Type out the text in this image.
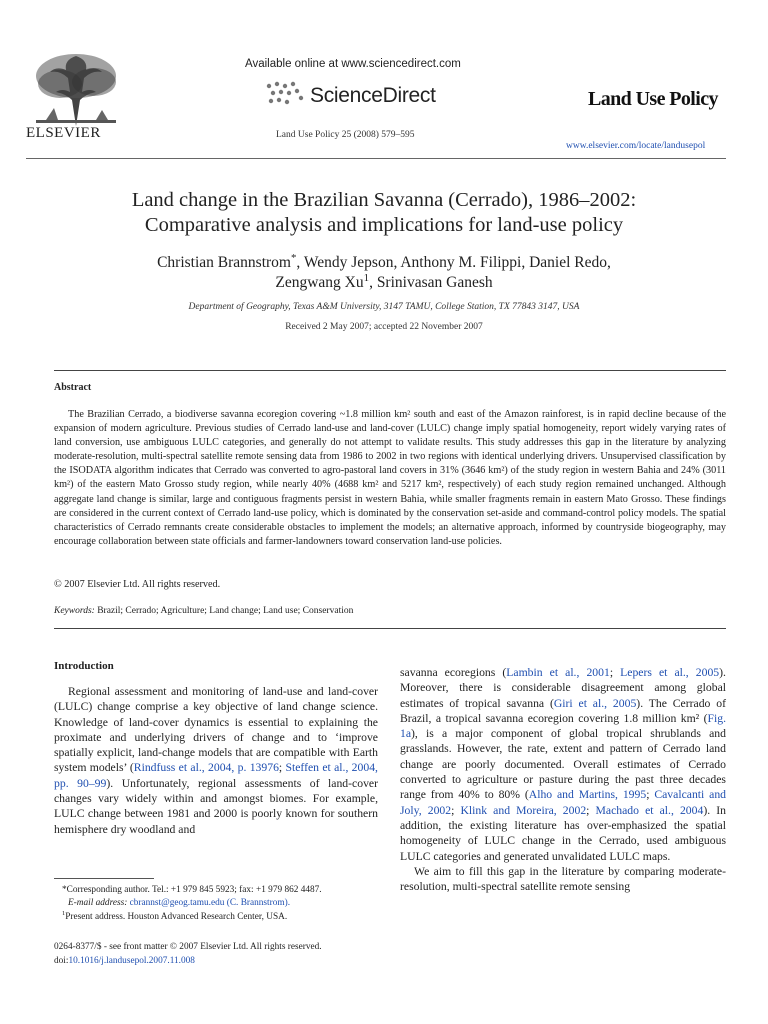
ELSEVIER
Available online at www.sciencedirect.com
ScienceDirect
Land Use Policy 25 (2008) 579–595
Land Use Policy
www.elsevier.com/locate/landusepol
Land change in the Brazilian Savanna (Cerrado), 1986–2002:
Comparative analysis and implications for land-use policy
Christian Brannstrom*, Wendy Jepson, Anthony M. Filippi, Daniel Redo,
Zengwang Xu$^1$, Srinivasan Ganesh
Department of Geography, Texas A&M University, 3147 TAMU, College Station, TX 77843 3147, USA
Received 2 May 2007; accepted 22 November 2007
Abstract

The Brazilian Cerrado, a biodiverse savanna ecoregion covering ~1.8 million km² south and east of the Amazon rainforest, is in rapid decline because of the expansion of modern agriculture. Previous studies of Cerrado land-use and land-cover (LULC) change imply spatial homogeneity, report widely varying rates of land conversion, use ambiguous LULC categories, and generally do not attempt to validate results. This study addresses this gap in the literature by analyzing moderate-resolution, multi-spectral satellite remote sensing data from 1986 to 2002 in two regions with identical underlying drivers. Unsupervised classification by the ISODATA algorithm indicates that Cerrado was converted to agro-pastoral land covers in 31% (3646 km²) of the study region in western Bahia and 24% (3011 km²) of the eastern Mato Grosso study region, while nearly 40% (4688 km² and 5217 km², respectively) of each study region remained unchanged. Although aggregate land change is similar, large and contiguous fragments persist in western Bahia, while smaller fragments remain in eastern Mato Grosso. These findings are considered in the current context of Cerrado land-use policy, which is dominated by the conservation set-aside and command-control policy models. The spatial characteristics of Cerrado remnants create considerable obstacles to implement the models; an alternative approach, informed by countryside biogeography, may encourage collaboration between state officials and farmer-landowners toward conservation land-use policies.

© 2007 Elsevier Ltd. All rights reserved.
Keywords: Brazil; Cerrado; Agriculture; Land change; Land use; Conservation
Introduction

Regional assessment and monitoring of land-use and land-cover (LULC) change comprise a key objective of land change science. Knowledge of land-cover dynamics is essential to explaining the proximate and underlying drivers of change and to ‘improve spatially explicit, land-change models that are compatible with Earth system models’ (Rindfuss et al., 2004, p. 13976; Steffen et al., 2004, pp. 90–99). Unfortunately, regional assessments of land-cover changes vary widely within and amongst biomes. For example, LULC change between 1981 and 2000 is poorly known for southern hemisphere dry woodland and

*Corresponding author. Tel.: +1 979 845 5923; fax: +1 979 862 4487.
E-mail address: cbrannst@geog.tamu.edu (C. Brannstrom).
$^1$Present address. Houston Advanced Research Center, USA.
0264-8377/$ - see front matter © 2007 Elsevier Ltd. All rights reserved.
doi:10.1016/j.landusepol.2007.11.008

savanna ecoregions (Lambin et al., 2001; Lepers et al., 2005). Moreover, there is considerable disagreement among global estimates of tropical savanna (Giri et al., 2005). The Cerrado of Brazil, a tropical savanna ecoregion covering 1.8 million km² (Fig. 1a), is a major component of global tropical shrublands and grasslands. However, the rate, extent and pattern of Cerrado land change are poorly documented. Overall estimates of Cerrado converted to agriculture or pasture during the past three decades range from 40% to 80% (Alho and Martins, 1995; Cavalcanti and Joly, 2002; Klink and Moreira, 2002; Machado et al., 2004). In addition, the existing literature has over-emphasized the spatial homogeneity of LULC change in the Cerrado, used ambiguous LULC categories and generated unvalidated LULC maps.

We aim to fill this gap in the literature by comparing moderate-resolution, multi-spectral satellite remote sensing
